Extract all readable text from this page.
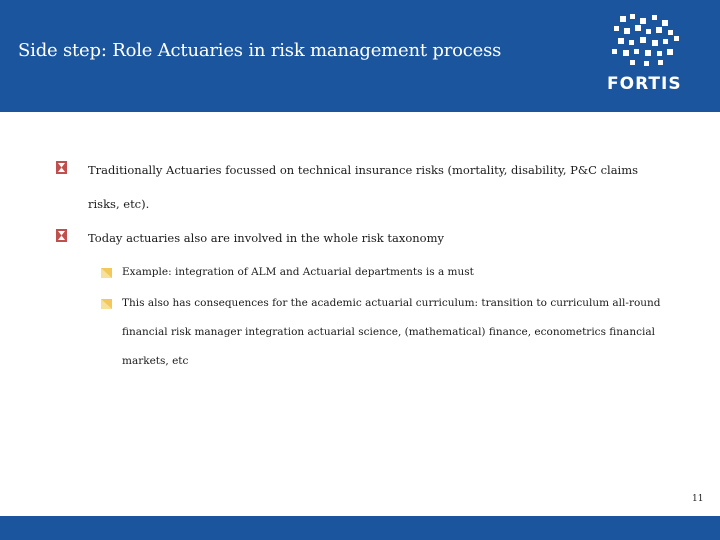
Side step: Role Actuaries in risk management process
FORTIS
Traditionally Actuaries focussed on technical insurance risks (mortality, disability, P&C claims risks, etc).
Today actuaries also are involved in the whole risk taxonomy
Example: integration of ALM and Actuarial departments is a must
This also has consequences for the academic actuarial curriculum: transition to curriculum all-round financial risk manager integration actuarial science, (mathematical) finance, econometrics financial markets, etc
11
